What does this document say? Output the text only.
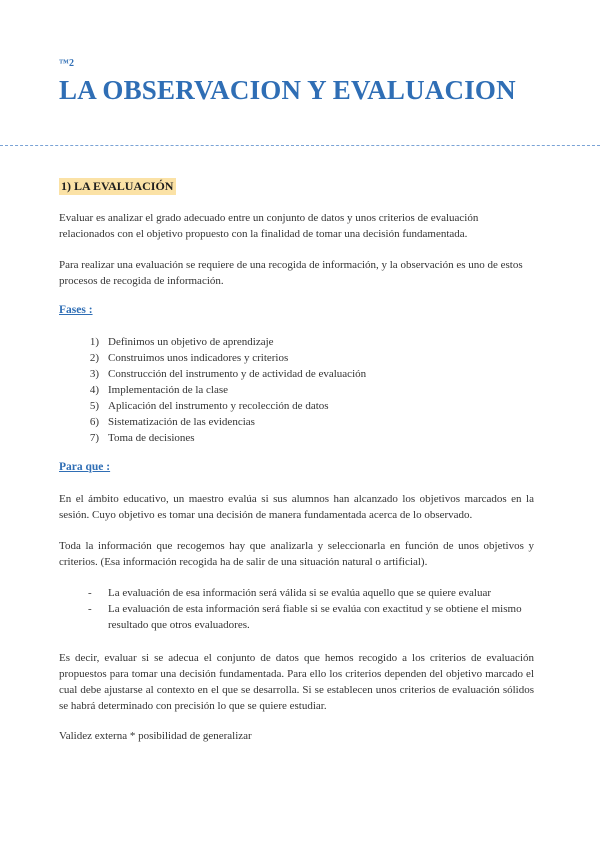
™2
LA OBSERVACION Y EVALUACION
1) LA EVALUACIÓN

Evaluar es analizar el grado adecuado entre un conjunto de datos y unos criterios de evaluación relacionados con el objetivo propuesto con la finalidad de tomar una decisión fundamentada.

Para realizar una evaluación se requiere de una recogida de información, y la observación es uno de estos procesos de recogida de información.

Fases :
1) Definimos un objetivo de aprendizaje
2) Construimos unos indicadores y criterios
3) Construcción del instrumento y de actividad de evaluación
4) Implementación de la clase
5) Aplicación del instrumento y recolección de datos
6) Sistematización de las evidencias
7) Toma de decisiones
Para que :

En el ámbito educativo, un maestro evalúa si sus alumnos han alcanzado los objetivos marcados en la sesión. Cuyo objetivo es tomar una decisión de manera fundamentada acerca de lo observado.

Toda la información que recogemos hay que analizarla y seleccionarla en función de unos objetivos y criterios. (Esa información recogida ha de salir de una situación natural o artificial).

-	La evaluación de esa información será válida si se evalúa aquello que se quiere evaluar
-	La evaluación de esta información será fiable si se evalúa con exactitud y se obtiene el mismo resultado que otros evaluadores.

Es decir, evaluar si se adecua el conjunto de datos que hemos recogido a los criterios de evaluación propuestos para tomar una decisión fundamentada. Para ello los criterios dependen del objetivo marcado el cual debe ajustarse al contexto en el que se desarrolla. Si se establecen unos criterios de evaluación sólidos se habrá determinado con precisión lo que se quiere estudiar.

Validez externa * posibilidad de generalizar
